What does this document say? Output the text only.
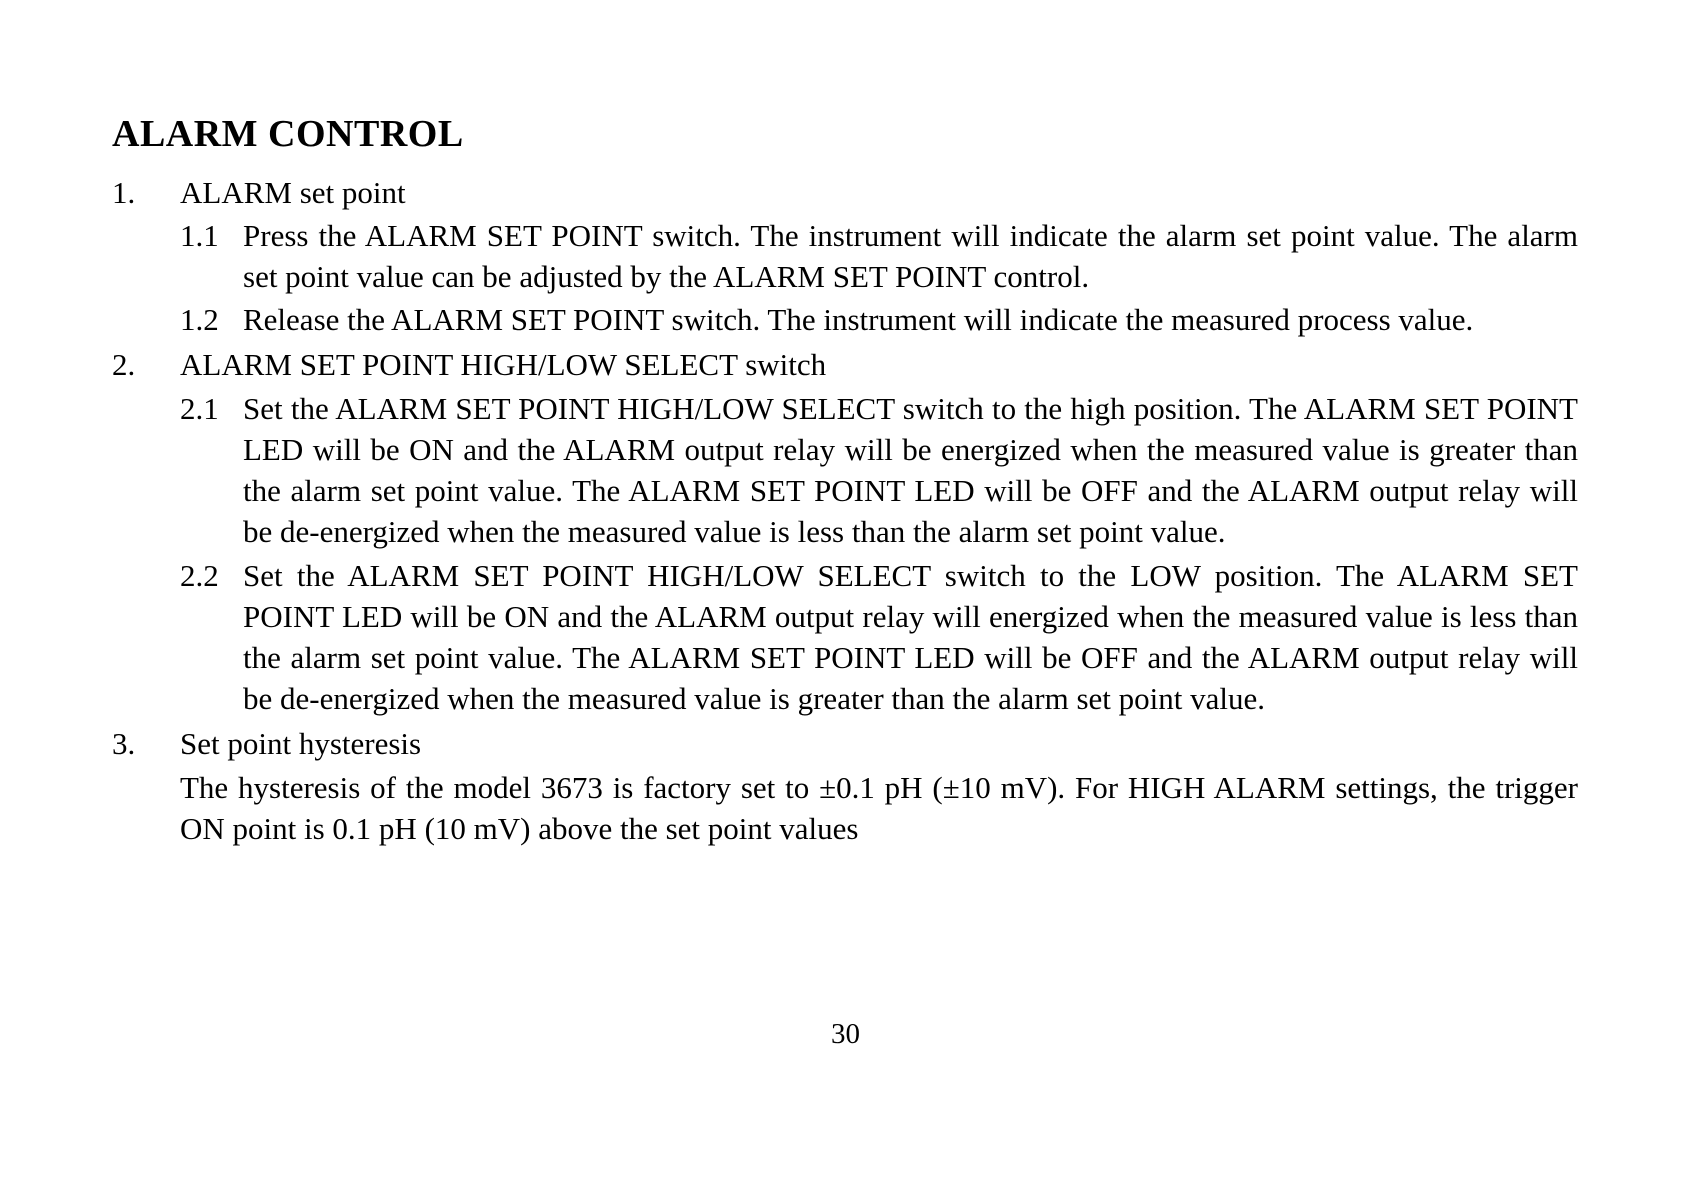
ALARM CONTROL
1.	ALARM set point
1.1 Press the ALARM SET POINT switch. The instrument will indicate the alarm set point value. The alarm set point value can be adjusted by the ALARM SET POINT control.
1.2 Release the ALARM SET POINT switch. The instrument will indicate the measured process value.
2.	ALARM SET POINT HIGH/LOW SELECT switch
2.1 Set the ALARM SET POINT HIGH/LOW SELECT switch to the high position. The ALARM SET POINT LED will be ON and the ALARM output relay will be energized when the measured value is greater than the alarm set point value. The ALARM SET POINT LED will be OFF and the ALARM output relay will be de-energized when the measured value is less than the alarm set point value.
2.2 Set the ALARM SET POINT HIGH/LOW SELECT switch to the LOW position. The ALARM SET POINT LED will be ON and the ALARM output relay will energized when the measured value is less than the alarm set point value. The ALARM SET POINT LED will be OFF and the ALARM output relay will be de-energized when the measured value is greater than the alarm set point value.
3.	Set point hysteresis
The hysteresis of the model 3673 is factory set to ±0.1 pH (±10 mV). For HIGH ALARM settings, the trigger ON point is 0.1 pH (10 mV) above the set point values
30
